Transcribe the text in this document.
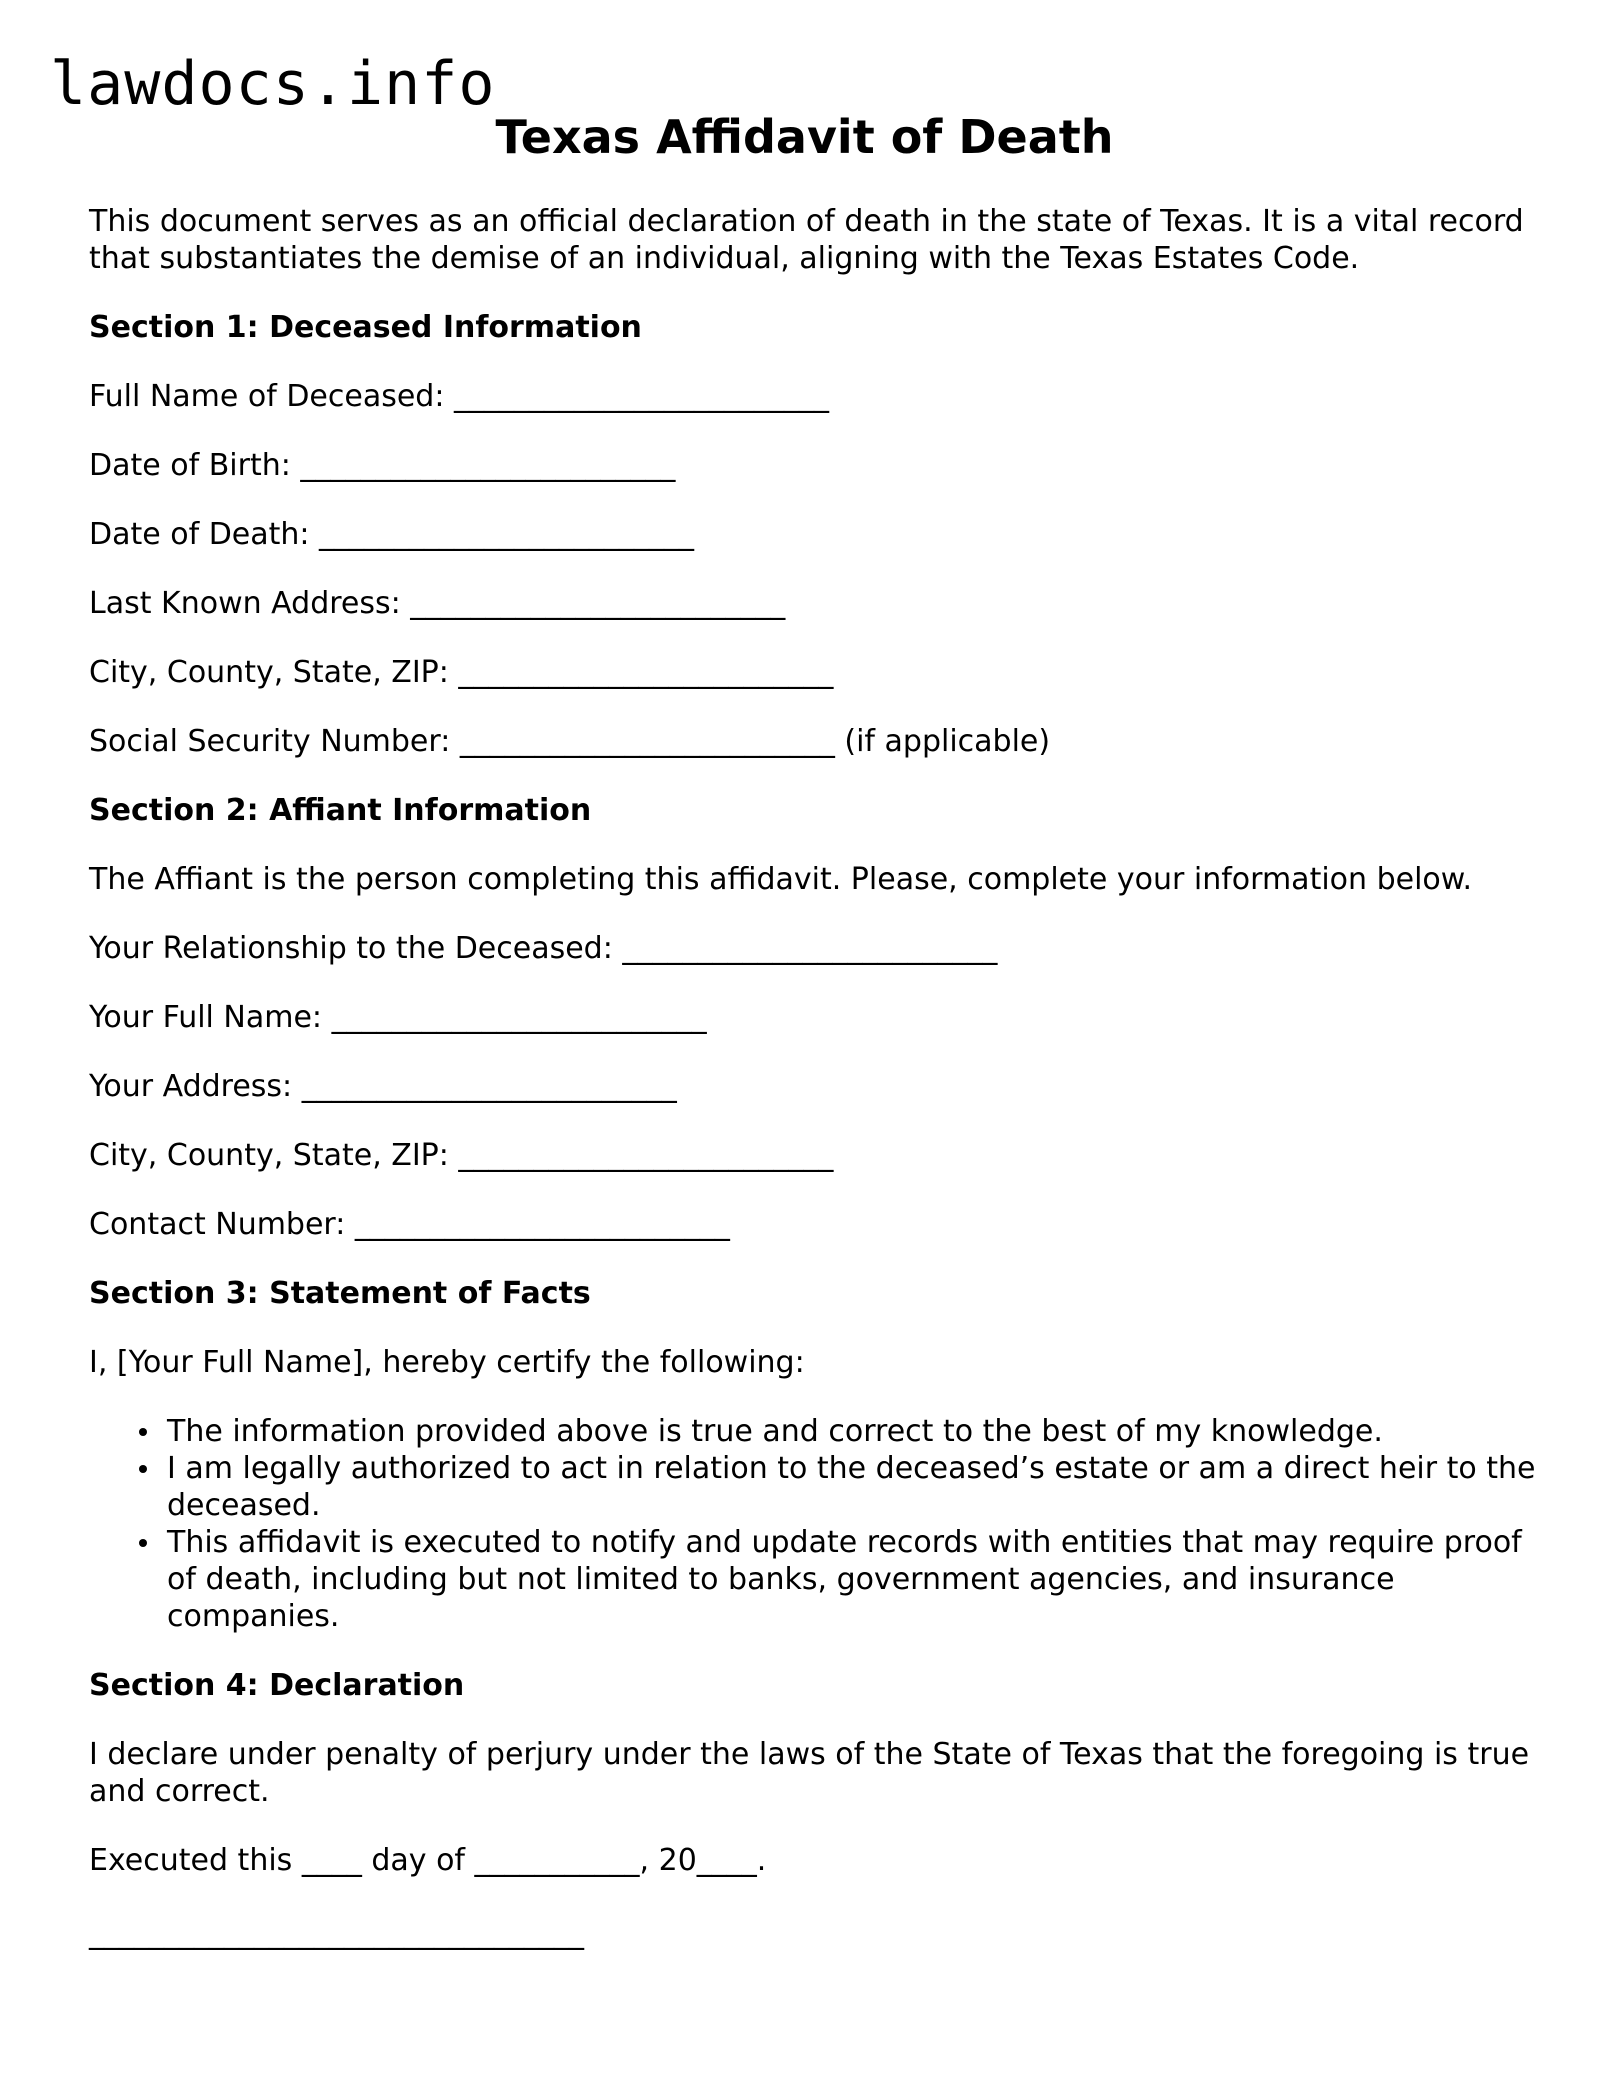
lawdocs.info
Texas Affidavit of Death

This document serves as an official declaration of death in the state of Texas. It is a vital record that substantiates the demise of an individual, aligning with the Texas Estates Code.

Section 1: Deceased Information

Full Name of Deceased: _________________________

Date of Birth: _________________________

Date of Death: _________________________

Last Known Address: _________________________

City, County, State, ZIP: _________________________

Social Security Number: _________________________ (if applicable)

Section 2: Affiant Information

The Affiant is the person completing this affidavit. Please, complete your information below.

Your Relationship to the Deceased: _________________________

Your Full Name: _________________________

Your Address: _________________________

City, County, State, ZIP: _________________________

Contact Number: _________________________

Section 3: Statement of Facts

I, [Your Full Name], hereby certify the following:

The information provided above is true and correct to the best of my knowledge.
I am legally authorized to act in relation to the deceased’s estate or am a direct heir to the deceased.
This affidavit is executed to notify and update records with entities that may require proof of death, including but not limited to banks, government agencies, and insurance companies.

Section 4: Declaration

I declare under penalty of perjury under the laws of the State of Texas that the foregoing is true and correct.

Executed this ____ day of ___________, 20____.

_________________________________
